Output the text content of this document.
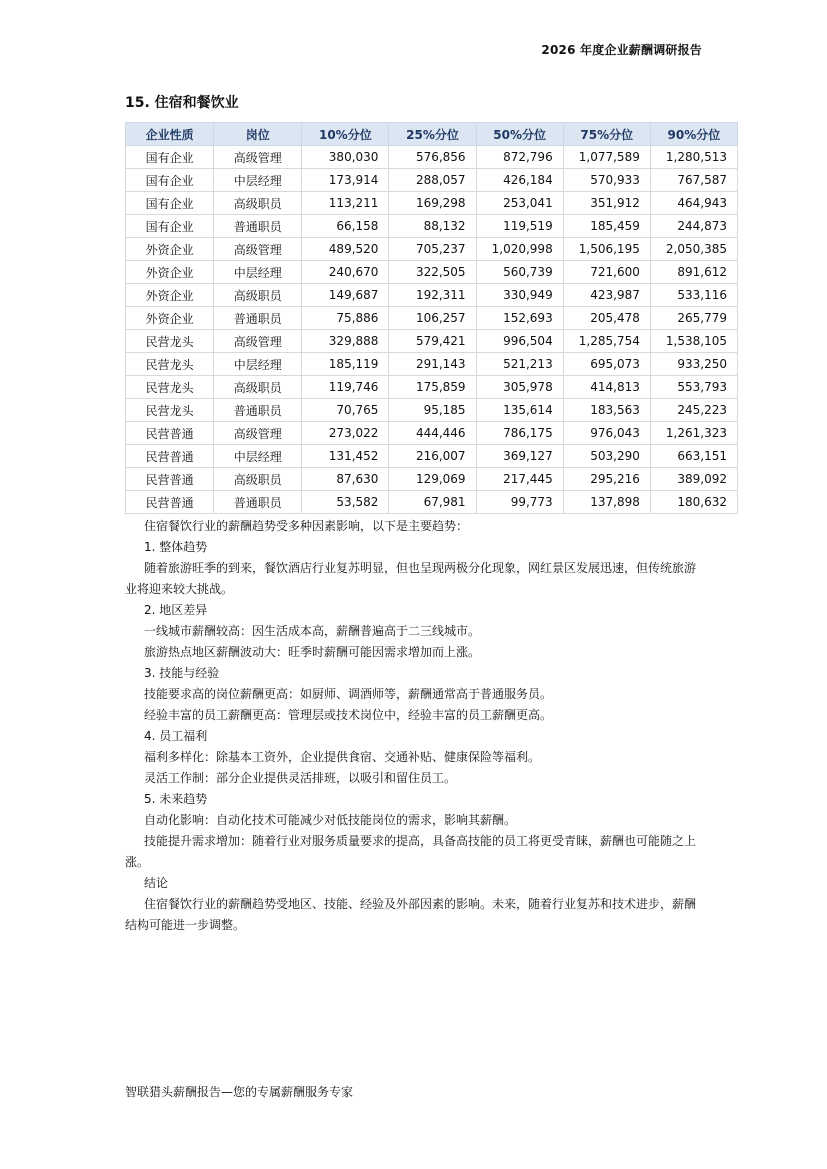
2026 年度企业薪酬调研报告
15. 住宿和餐饮业
企业性质	岗位	10%分位	25%分位	50%分位	75%分位	90%分位
国有企业	高级管理	380,030	576,856	872,796	1,077,589	1,280,513
国有企业	中层经理	173,914	288,057	426,184	570,933	767,587
国有企业	高级职员	113,211	169,298	253,041	351,912	464,943
国有企业	普通职员	66,158	88,132	119,519	185,459	244,873
外资企业	高级管理	489,520	705,237	1,020,998	1,506,195	2,050,385
外资企业	中层经理	240,670	322,505	560,739	721,600	891,612
外资企业	高级职员	149,687	192,311	330,949	423,987	533,116
外资企业	普通职员	75,886	106,257	152,693	205,478	265,779
民营龙头	高级管理	329,888	579,421	996,504	1,285,754	1,538,105
民营龙头	中层经理	185,119	291,143	521,213	695,073	933,250
民营龙头	高级职员	119,746	175,859	305,978	414,813	553,793
民营龙头	普通职员	70,765	95,185	135,614	183,563	245,223
民营普通	高级管理	273,022	444,446	786,175	976,043	1,261,323
民营普通	中层经理	131,452	216,007	369,127	503,290	663,151
民营普通	高级职员	87,630	129,069	217,445	295,216	389,092
民营普通	普通职员	53,582	67,981	99,773	137,898	180,632

住宿餐饮行业的薪酬趋势受多种因素影响，以下是主要趋势：

1. 整体趋势

随着旅游旺季的到来，餐饮酒店行业复苏明显，但也呈现两极分化现象，网红景区发展迅速，但传统旅游业将迎来较大挑战。

2. 地区差异

一线城市薪酬较高：因生活成本高，薪酬普遍高于二三线城市。

旅游热点地区薪酬波动大：旺季时薪酬可能因需求增加而上涨。

3. 技能与经验

技能要求高的岗位薪酬更高：如厨师、调酒师等，薪酬通常高于普通服务员。

经验丰富的员工薪酬更高：管理层或技术岗位中，经验丰富的员工薪酬更高。

4. 员工福利

福利多样化：除基本工资外，企业提供食宿、交通补贴、健康保险等福利。

灵活工作制：部分企业提供灵活排班，以吸引和留住员工。

5. 未来趋势

自动化影响：自动化技术可能减少对低技能岗位的需求，影响其薪酬。

技能提升需求增加：随着行业对服务质量要求的提高，具备高技能的员工将更受青睐，薪酬也可能随之上涨。

结论

住宿餐饮行业的薪酬趋势受地区、技能、经验及外部因素的影响。未来，随着行业复苏和技术进步，薪酬结构可能进一步调整。

智联猎头薪酬报告—您的专属薪酬服务专家
